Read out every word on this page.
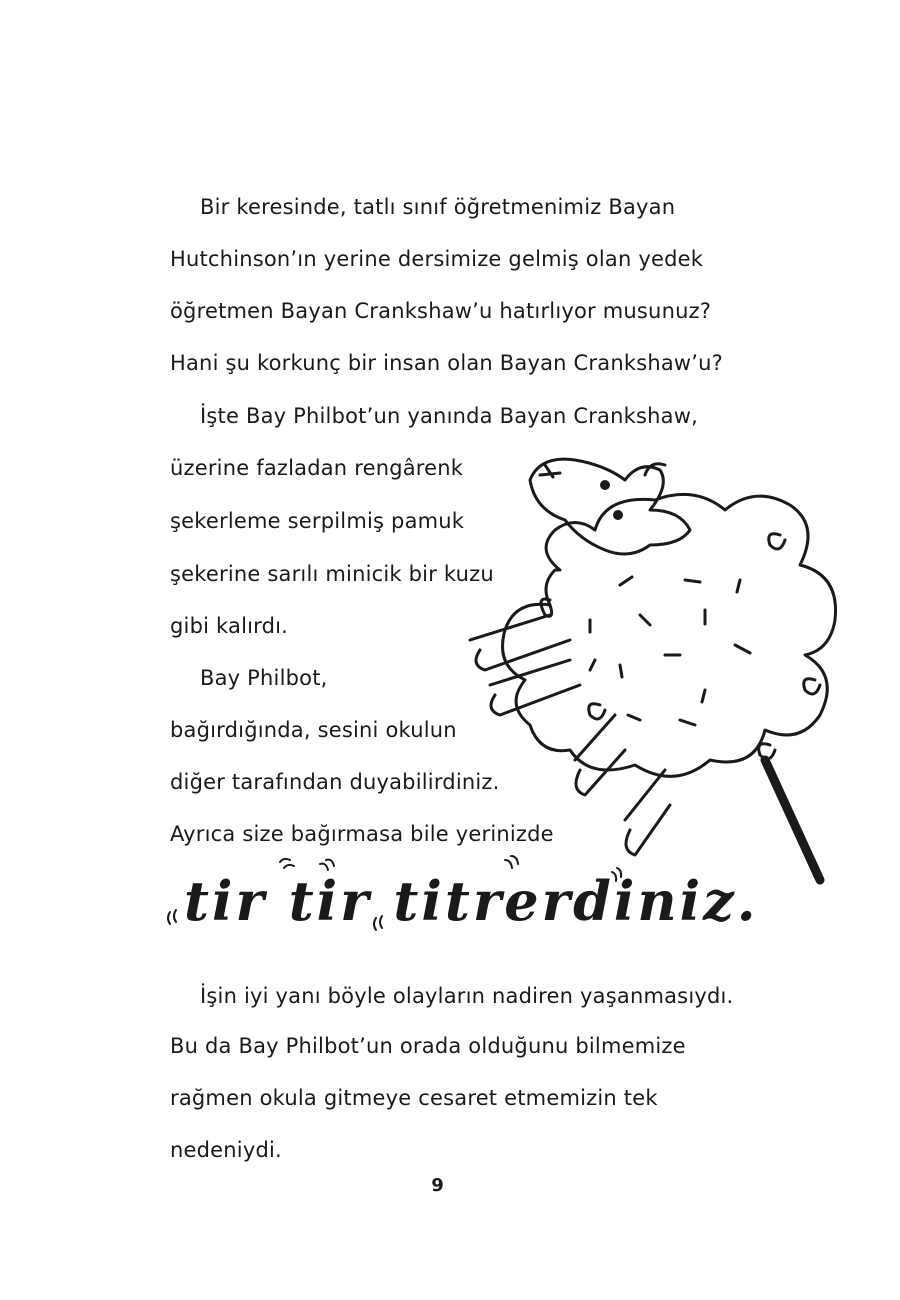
Bir keresinde, tatlı sınıf öğretmenimiz Bayan
Hutchinson’ın yerine dersimize gelmiş olan yedek
öğretmen Bayan Crankshaw’u hatırlıyor musunuz?
Hani şu korkunç bir insan olan Bayan Crankshaw’u?
İşte Bay Philbot’un yanında Bayan Crankshaw,
üzerine fazladan rengârenk
şekerleme serpilmiş pamuk
şekerine sarılı minicik bir kuzu
gibi kalırdı.
Bay Philbot,
bağırdığında, sesini okulun
diğer tarafından duyabilirdiniz.
Ayrıca size bağırmasa bile yerinizde
tir tir titrerdiniz.
İşin iyi yanı böyle olayların nadiren yaşanmasıydı.
Bu da Bay Philbot’un orada olduğunu bilmemize
rağmen okula gitmeye cesaret etmemizin tek
nedeniydi.
9
